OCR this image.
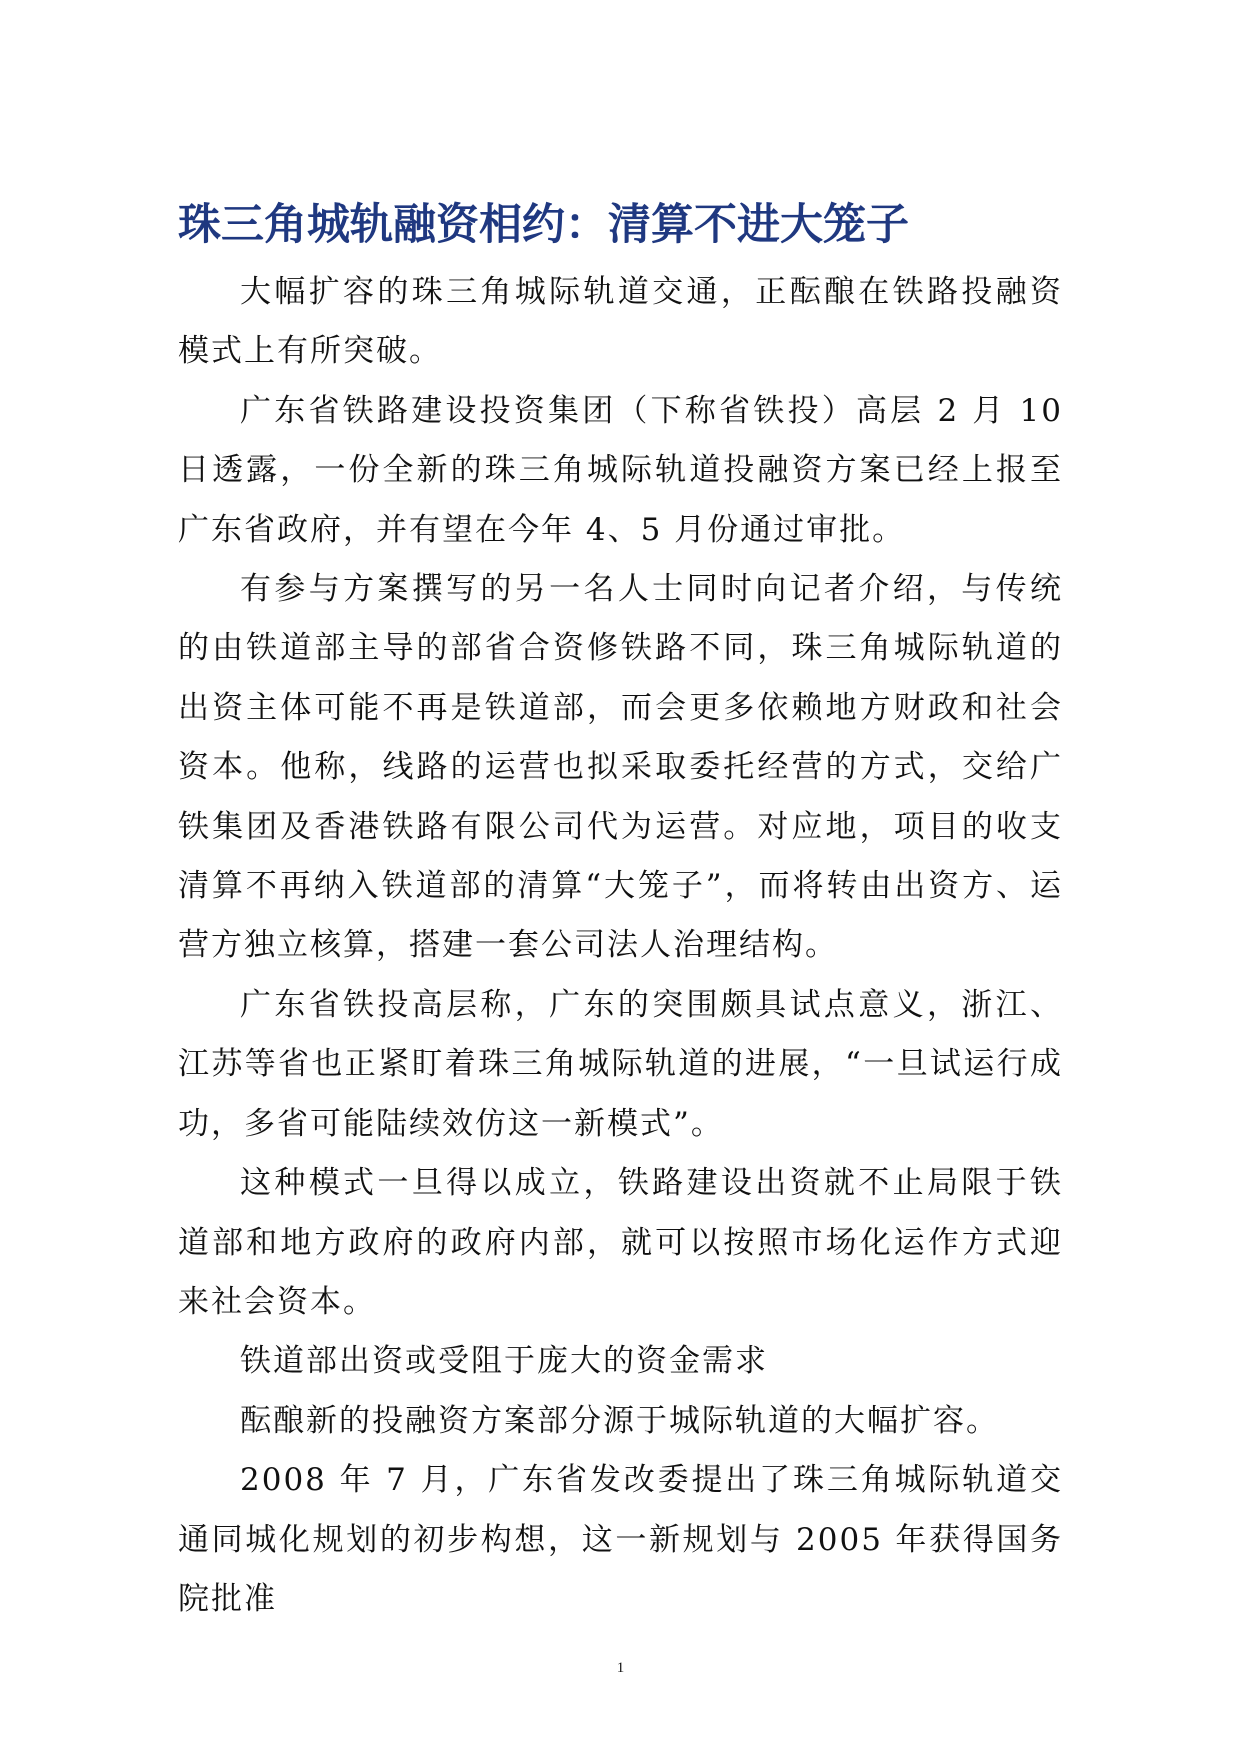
珠三角城轨融资相约：清算不进大笼子

大幅扩容的珠三角城际轨道交通，正酝酿在铁路投融资模式上有所突破。

广东省铁路建设投资集团（下称省铁投）高层 2 月 10 日透露，一份全新的珠三角城际轨道投融资方案已经上报至广东省政府，并有望在今年 4、5 月份通过审批。

有参与方案撰写的另一名人士同时向记者介绍，与传统的由铁道部主导的部省合资修铁路不同，珠三角城际轨道的出资主体可能不再是铁道部，而会更多依赖地方财政和社会资本。他称，线路的运营也拟采取委托经营的方式，交给广铁集团及香港铁路有限公司代为运营。对应地，项目的收支清算不再纳入铁道部的清算“大笼子”，而将转由出资方、运营方独立核算，搭建一套公司法人治理结构。

广东省铁投高层称，广东的突围颇具试点意义，浙江、江苏等省也正紧盯着珠三角城际轨道的进展，“一旦试运行成功，多省可能陆续效仿这一新模式”。

这种模式一旦得以成立，铁路建设出资就不止局限于铁道部和地方政府的政府内部，就可以按照市场化运作方式迎来社会资本。

铁道部出资或受阻于庞大的资金需求

酝酿新的投融资方案部分源于城际轨道的大幅扩容。

2008 年 7 月，广东省发改委提出了珠三角城际轨道交通同城化规划的初步构想，这一新规划与 2005 年获得国务院批准

1
